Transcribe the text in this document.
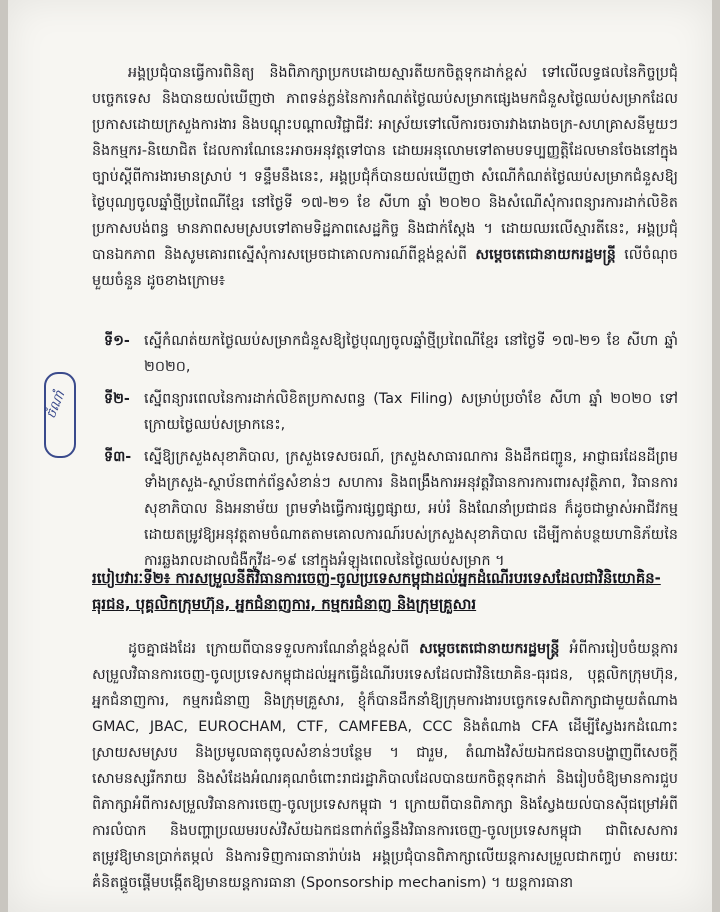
អង្គប្រជុំបានធ្វើការពិនិត្យ និងពិភាក្សាប្រកបដោយស្មារតីយកចិត្តទុកដាក់ខ្ពស់ ទៅលើលទ្ធផលនៃកិច្ចប្រជុំបច្ចេកទេស និងបានយល់ឃើញថា ភាពទន់ភ្លន់នៃការកំណត់ថ្ងៃឈប់សម្រាកផ្សេងមកជំនួសថ្ងៃឈប់សម្រាកដែលប្រកាសដោយក្រសួងការងារ និងបណ្ដុះបណ្ដាលវិជ្ជាជីវៈ អាស្រ័យទៅលើការចរចារវាងរោងចក្រ-សហគ្រាសនីមួយៗ និងកម្មករ-និយោជិត ដែលការណែនេះអាចអនុវត្តទៅបាន ដោយអនុលោមទៅតាមបទប្បញ្ញត្តិដែលមានចែងនៅក្នុងច្បាប់ស្ដីពីការងារមានស្រាប់ ។ ទន្ទឹមនឹងនេះ, អង្គប្រជុំក៏បានយល់ឃើញថា សំណើកំណត់ថ្ងៃឈប់សម្រាកជំនួសឱ្យថ្ងៃបុណ្យចូលឆ្នាំថ្មីប្រពៃណីខ្មែរ នៅថ្ងៃទី ១៧-២១ ខែ សីហា ឆ្នាំ ២០២០ និងសំណើសុំការពន្យារការដាក់លិខិតប្រកាសបង់ពន្ធ មានភាពសមស្របទៅតាមទិដ្ឋភាពសេដ្ឋកិច្ច និងជាក់ស្តែង ។ ដោយឈរលើស្មារតីនេះ, អង្គប្រជុំបានឯកភាព និងសូមគោរពស្នើសុំការសម្រេចជាគោលការណ៍ពីខ្ពង់ខ្ពស់ពី សម្តេចតេជោនាយករដ្ឋមន្ត្រី លើចំណុចមួយចំនួន ដូចខាងក្រោម៖
ចំណាំ
ទី១- ស្នើកំណត់យកថ្ងៃឈប់សម្រាកជំនួសឱ្យថ្ងៃបុណ្យចូលឆ្នាំថ្មីប្រពៃណីខ្មែរ នៅថ្ងៃទី ១៧-២១ ខែ សីហា ឆ្នាំ ២០២០,
ទី២- ស្នើពន្យារពេលនៃការដាក់លិខិតប្រកាសពន្ធ (Tax Filing) សម្រាប់ប្រចាំខែ សីហា ឆ្នាំ ២០២០ ទៅក្រោយថ្ងៃឈប់សម្រាកនេះ,
ទី៣- ស្នើឱ្យក្រសួងសុខាភិបាល, ក្រសួងទេសចរណ៍, ក្រសួងសាធារណការ និងដឹកជញ្ជូន, អាជ្ញាធរដែនដីព្រមទាំងក្រសួង-ស្ថាប័នពាក់ព័ន្ធសំខាន់ៗ សហការ និងពង្រឹងការអនុវត្តវិធានការការពារសុវត្ថិភាព, វិធានការសុខាភិបាល និងអនាម័យ ព្រមទាំងធ្វើការផ្សព្វផ្សាយ, អប់រំ និងណែនាំប្រជាជន ក៏ដូចជាម្ចាស់អាជីវកម្ម ដោយតម្រូវឱ្យអនុវត្តតាមចំណាតតាមគោលការណ៍របស់ក្រសួងសុខាភិបាល ដើម្បីកាត់បន្ថយហានិភ័យនៃការឆ្លងរាលដាលជំងឺកូវីដ-១៩ នៅក្នុងអំឡុងពេលនៃថ្ងៃឈប់សម្រាក ។
របៀបវារៈទី២៖ ការសម្រួលនីតិវិធានការចេញ-ចូលប្រទេសកម្ពុជាដល់អ្នកដំណើរបរទេសដែលជាវិនិយោគិន-ធុរជន, បុគ្គលិកក្រុមហ៊ុន, អ្នកជំនាញការ, កម្មករជំនាញ និងក្រុមគ្រួសារ
ដូចគ្នាផងដែរ ក្រោយពីបានទទួលការណែនាំខ្ពង់ខ្ពស់ពី សម្តេចតេជោនាយករដ្ឋមន្ត្រី អំពីការរៀបចំយន្តការសម្រួលវិធានការចេញ-ចូលប្រទេសកម្ពុជាដល់អ្នកធ្វើដំណើរបរទេសដែលជាវិនិយោគិន-ធុរជន, បុគ្គលិកក្រុមហ៊ុន, អ្នកជំនាញការ, កម្មករជំនាញ និងក្រុមគ្រួសារ, ខ្ញុំក៏បានដឹកនាំឱ្យក្រុមការងារបច្ចេកទេសពិភាក្សាជាមួយតំណាង GMAC, JBAC, EUROCHAM, CTF, CAMFEBA, CCC និងតំណាង CFA ដើម្បីស្វែងរកដំណោះស្រាយសមស្រប និងប្រមូលធាតុចូលសំខាន់ៗបន្ថែម ។ ជារួម, តំណាងវិស័យឯកជនបានបង្ហាញពីសេចក្តីសោមនស្សរីករាយ និងសំដែងអំណរគុណចំពោះរាជរដ្ឋាភិបាលដែលបានយកចិត្តទុកដាក់ និងរៀបចំឱ្យមានការជួបពិភាក្សាអំពីការសម្រួលវិធានការចេញ-ចូលប្រទេសកម្ពុជា ។ ក្រោយពីបានពិភាក្សា និងស្វែងយល់បានស៊ីជម្រៅអំពីការលំបាក និងបញ្ហាប្រឈមរបស់វិស័យឯកជនពាក់ព័ន្ធនឹងវិធានការចេញ-ចូលប្រទេសកម្ពុជា ជាពិសេសការតម្រូវឱ្យមានប្រាក់តម្កល់ និងការទិញការធានារ៉ាប់រង អង្គប្រជុំបានពិភាក្សាលើយន្តការសម្រួលជាកញ្ចប់ តាមរយៈគំនិតផ្តួចផ្តើមបង្កើតឱ្យមានយន្តការធានា (Sponsorship mechanism) ។ យន្តការធានា
